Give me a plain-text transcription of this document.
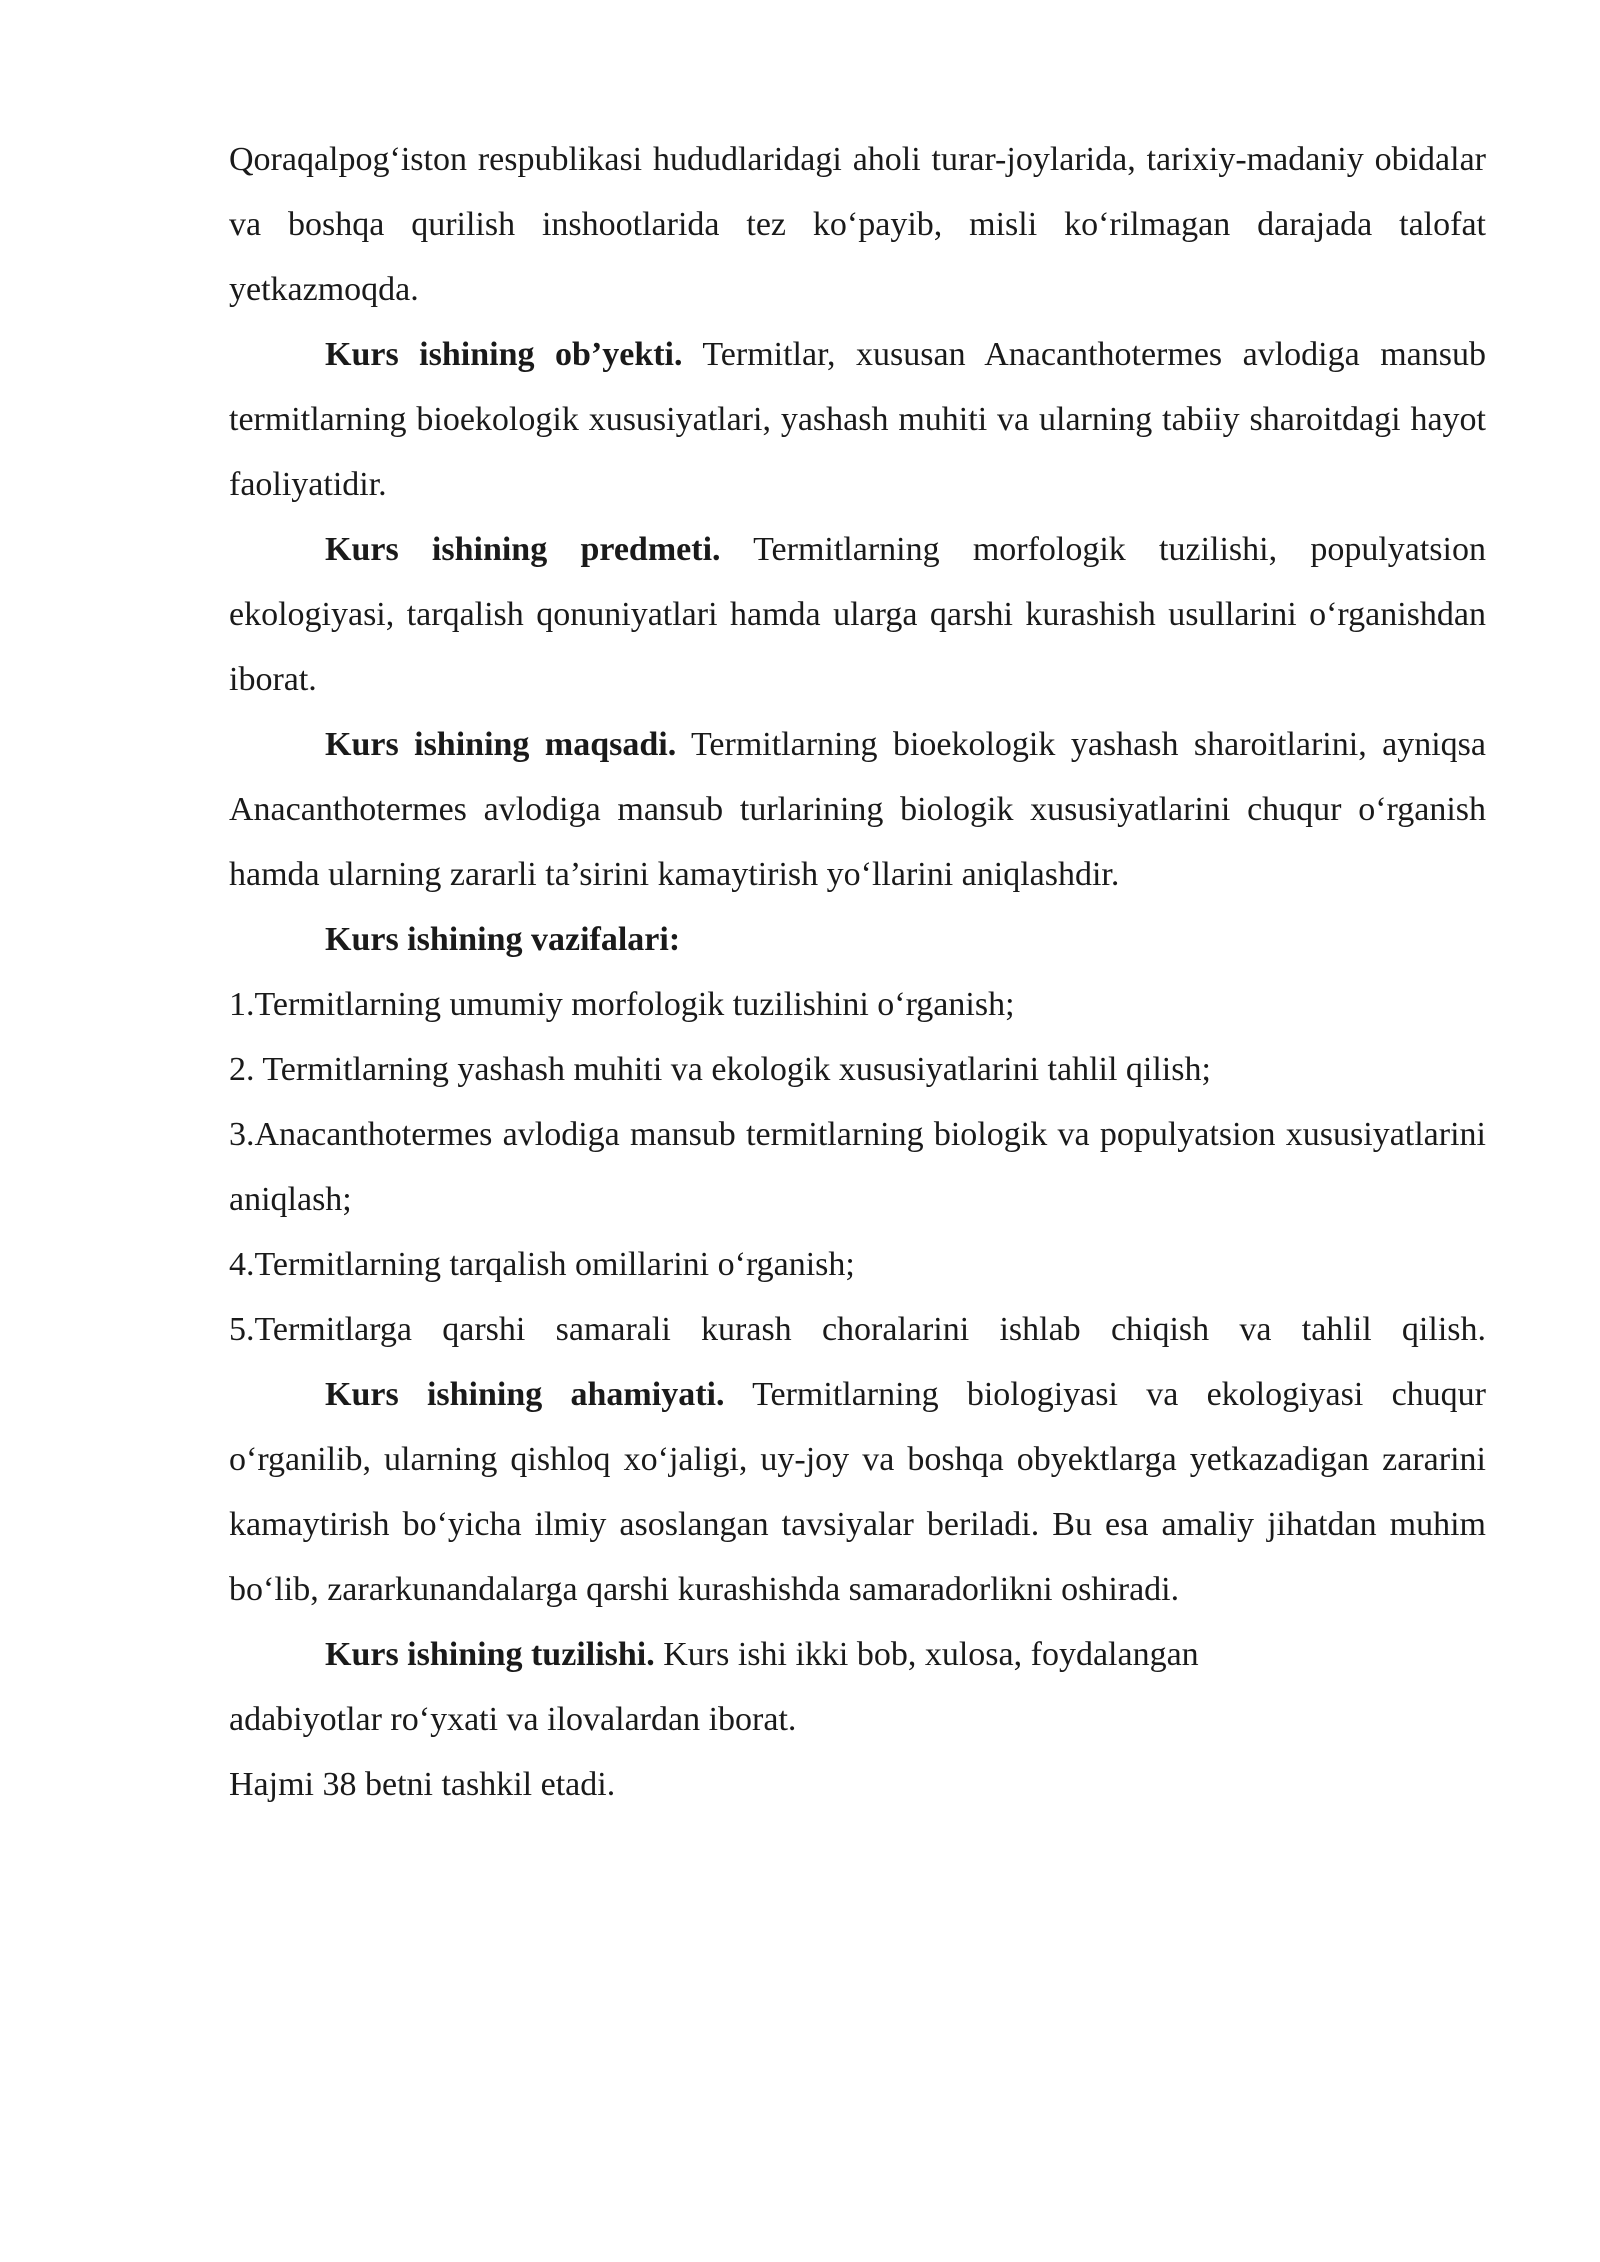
Qoraqalpog‘iston respublikasi hududlaridagi aholi turar-joylarida, tarixiy-madaniy obidalar va boshqa qurilish inshootlarida tez ko‘payib, misli ko‘rilmagan darajada talofat yetkazmoqda.

Kurs ishining ob’yekti. Termitlar, xususan Anacanthotermes avlodiga mansub termitlarning bioekologik xususiyatlari, yashash muhiti va ularning tabiiy sharoitdagi hayot faoliyatidir.

Kurs ishining predmeti. Termitlarning morfologik tuzilishi, populyatsion ekologiyasi, tarqalish qonuniyatlari hamda ularga qarshi kurashish usullarini o‘rganishdan iborat.

Kurs ishining maqsadi. Termitlarning bioekologik yashash sharoitlarini, ayniqsa Anacanthotermes avlodiga mansub turlarining biologik xususiyatlarini chuqur o‘rganish hamda ularning zararli ta’sirini kamaytirish yo‘llarini aniqlashdir.

Kurs ishining vazifalari:

1.Termitlarning umumiy morfologik tuzilishini o‘rganish;

2. Termitlarning yashash muhiti va ekologik xususiyatlarini tahlil qilish;

3.Anacanthotermes avlodiga mansub termitlarning biologik va populyatsion xususiyatlarini aniqlash;

4.Termitlarning tarqalish omillarini o‘rganish;

5.Termitlarga qarshi samarali kurash choralarini ishlab chiqish va tahlil qilish.

Kurs ishining ahamiyati. Termitlarning biologiyasi va ekologiyasi chuqur o‘rganilib, ularning qishloq xo‘jaligi, uy-joy va boshqa obyektlarga yetkazadigan zararini kamaytirish bo‘yicha ilmiy asoslangan tavsiyalar beriladi. Bu esa amaliy jihatdan muhim bo‘lib, zararkunandalarga qarshi kurashishda samaradorlikni oshiradi.

Kurs ishining tuzilishi. Kurs ishi ikki bob, xulosa, foydalangan

adabiyotlar ro‘yxati va ilovalardan iborat.

Hajmi 38 betni tashkil etadi.
